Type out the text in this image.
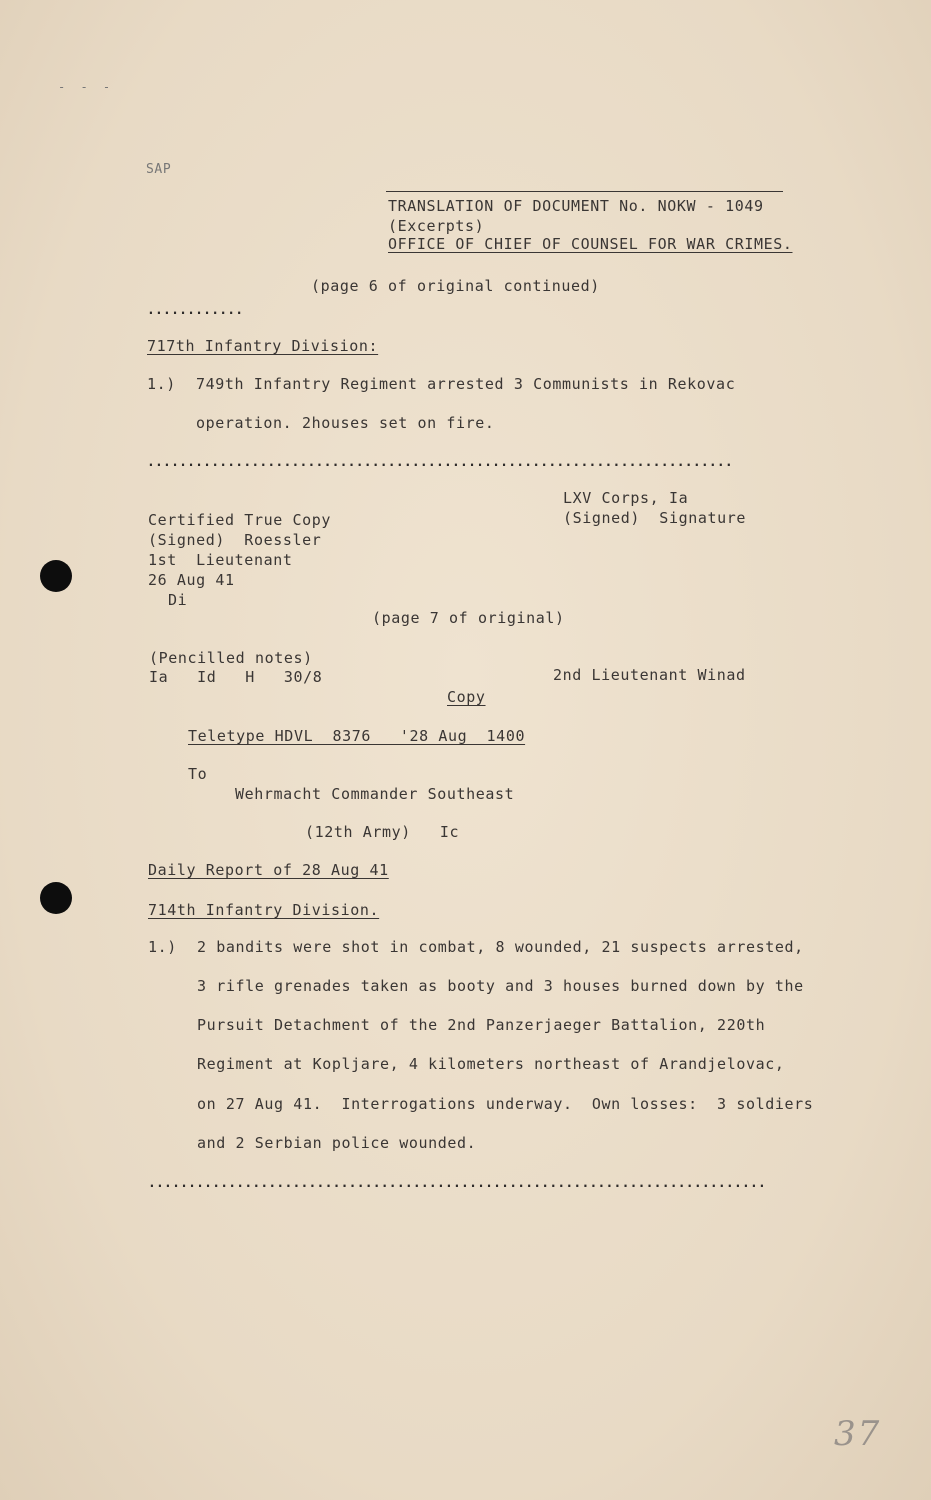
- - -
SAP
TRANSLATION OF DOCUMENT No. NOKW - 1049
(Excerpts)
OFFICE OF CHIEF OF COUNSEL FOR WAR CRIMES.
(page 6 of original continued)
............
717th Infantry Division:
1.) 749th Infantry Regiment arrested 3 Communists in Rekovac
operation. 2houses set on fire.
.........................................................................
LXV Corps, Ia
(Signed)  Signature
Certified True Copy
(Signed)  Roessler
1st  Lieutenant
26 Aug 41
Di
(page 7 of original)
(Pencilled notes)
Ia   Id   H   30/8	2nd Lieutenant Winad
Copy
Teletype HDVL  8376   '28 Aug  1400
To
Wehrmacht Commander Southeast
(12th Army)   Ic
Daily Report of 28 Aug 41
714th Infantry Division.
1.) 2 bandits were shot in combat, 8 wounded, 21 suspects arrested,
3 rifle grenades taken as booty and 3 houses burned down by the
Pursuit Detachment of the 2nd Panzerjaeger Battalion, 220th
Regiment at Kopljare, 4 kilometers northeast of Arandjelovac,
on 27 Aug 41.  Interrogations underway.  Own losses:  3 soldiers
and 2 Serbian police wounded.
.............................................................................
37
